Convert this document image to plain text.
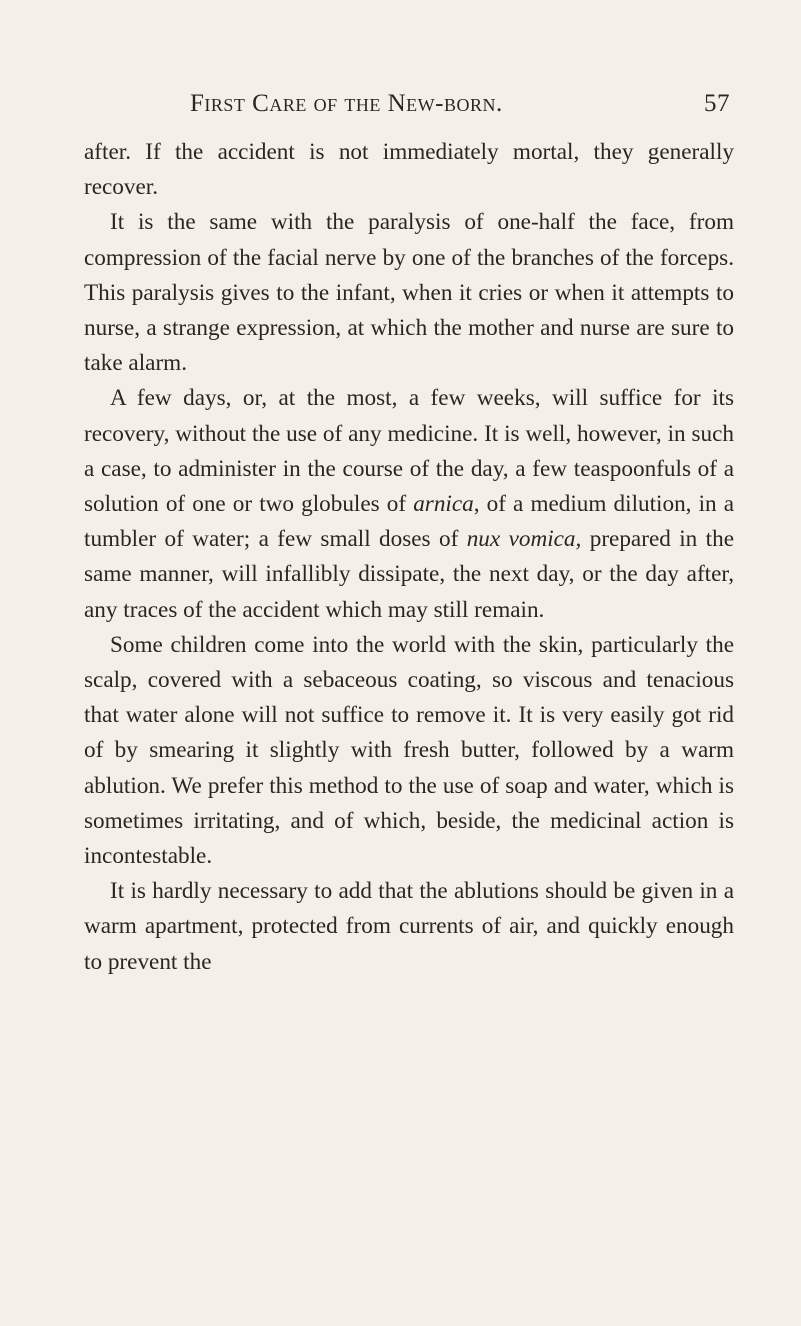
First Care of the New-born.	57

after. If the accident is not immediately mortal, they generally recover.

It is the same with the paralysis of one-half the face, from compression of the facial nerve by one of the branches of the forceps. This paralysis gives to the infant, when it cries or when it attempts to nurse, a strange expression, at which the mother and nurse are sure to take alarm.

A few days, or, at the most, a few weeks, will suffice for its recovery, without the use of any medicine. It is well, however, in such a case, to administer in the course of the day, a few teaspoonfuls of a solution of one or two globules of arnica, of a medium dilution, in a tumbler of water; a few small doses of nux vomica, prepared in the same manner, will infallibly dissipate, the next day, or the day after, any traces of the accident which may still remain.

Some children come into the world with the skin, particularly the scalp, covered with a sebaceous coating, so viscous and tenacious that water alone will not suffice to remove it. It is very easily got rid of by smearing it slightly with fresh butter, followed by a warm ablution. We prefer this method to the use of soap and water, which is sometimes irritating, and of which, beside, the medicinal action is incontestable.

It is hardly necessary to add that the ablutions should be given in a warm apartment, protected from currents of air, and quickly enough to prevent the
